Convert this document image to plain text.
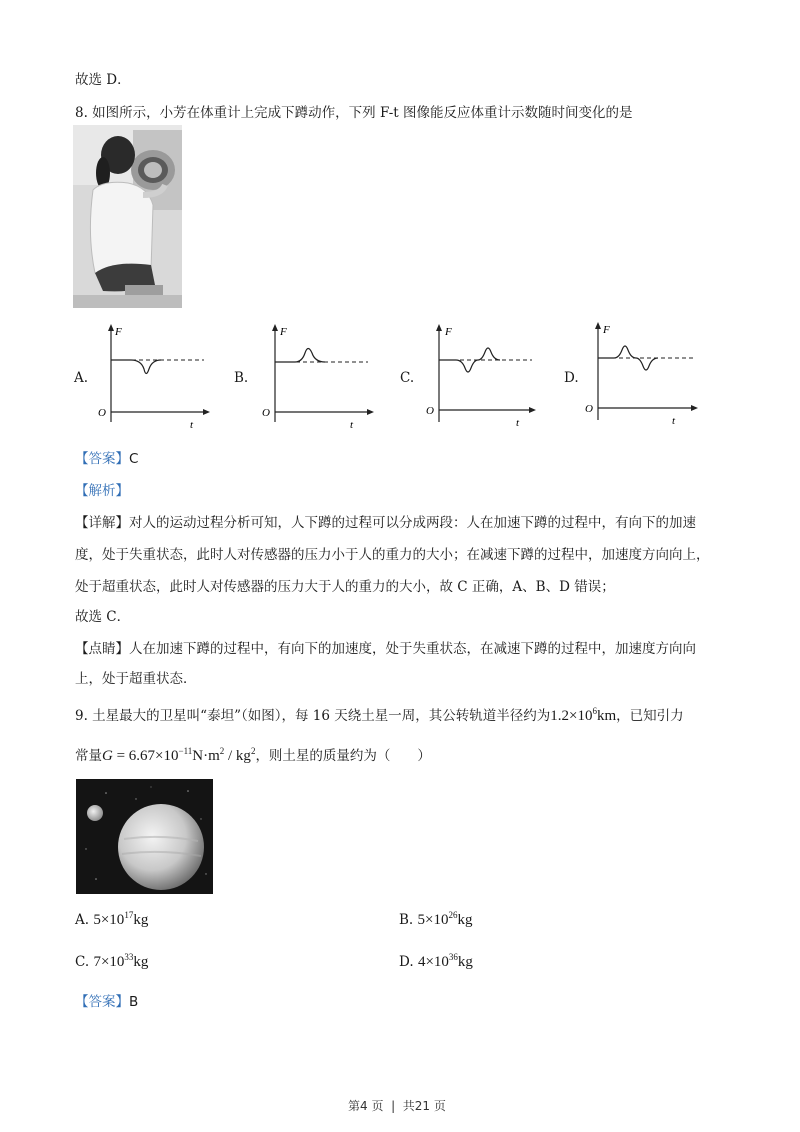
故选 D．
8. 如图所示，小芳在体重计上完成下蹲动作，下列 F-t 图像能反应体重计示数随时间变化的是
A.
F
O
t
B.
F
O
t
C.
F
O
t
D.
F
O
t
【答案】C
【解析】
【详解】对人的运动过程分析可知，人下蹲的过程可以分成两段：人在加速下蹲的过程中，有向下的加速
度，处于失重状态，此时人对传感器的压力小于人的重力的大小；在减速下蹲的过程中，加速度方向向上，
处于超重状态，此时人对传感器的压力大于人的重力的大小，故 C 正确，A、B、D 错误；
故选 C．
【点睛】人在加速下蹲的过程中，有向下的加速度，处于失重状态，在减速下蹲的过程中，加速度方向向
上，处于超重状态．
9. 土星最大的卫星叫“泰坦”（如图），每 16 天绕土星一周，其公转轨道半径约为$1.2\times 10^6km$，已知引力
常量$G = 6.67\times 10^{-11}N\cdot m^2 / kg^2$，则土星的质量约为（　　）
A. $5\times 10^{17}kg$	B. $5\times 10^{26}kg$
C. $7\times 10^{33}kg$	D. $4\times 10^{36}kg$
【答案】B
第4 页 | 共21 页
